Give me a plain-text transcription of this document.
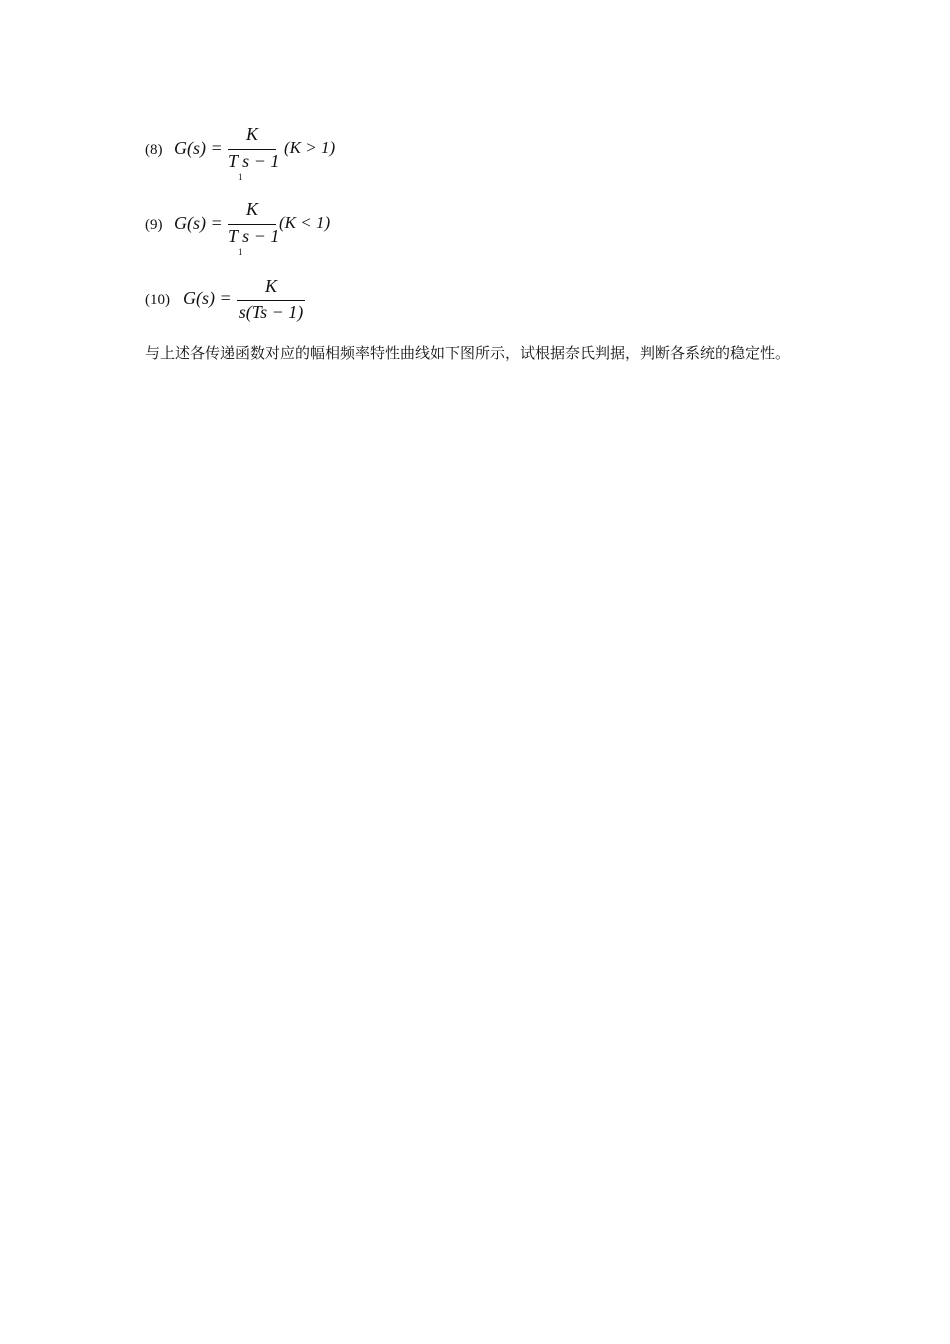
(8) G(s) =
K
T s − 1
1
(K > 1)
(9) G(s) =
K
T s − 1
1
(K < 1)
(10) G(s) =
K
s(Ts − 1)

与上述各传递函数对应的幅相频率特性曲线如下图所示，试根据奈氏判据，判断各系统的稳定性。
